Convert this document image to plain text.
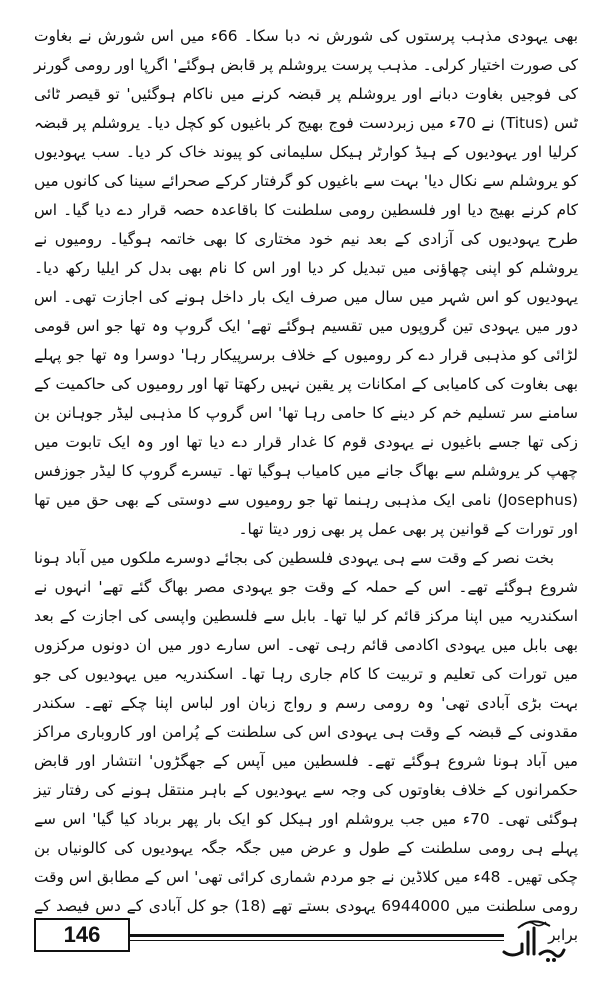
بھی یہودی مذہب پرستوں کی شورش نہ دبا سکا۔ 66ء میں اس شورش نے بغاوت کی صورت اختیار کرلی۔ مذہب پرست یروشلم پر قابض ہوگئے' اگرپا اور رومی گورنر کی فوجیں بغاوت دبانے اور یروشلم پر قبضہ کرنے میں ناکام ہوگئیں' تو قیصر ٹائی ٹس (Titus) نے 70ء میں زبردست فوج بھیج کر باغیوں کو کچل دیا۔ یروشلم پر قبضہ کرلیا اور یہودیوں کے ہیڈ کوارٹر ہیکل سلیمانی کو پیوند خاک کر دیا۔ سب یہودیوں کو یروشلم سے نکال دیا' بہت سے باغیوں کو گرفتار کرکے صحرائے سینا کی کانوں میں کام کرنے بھیج دیا اور فلسطین رومی سلطنت کا باقاعدہ حصہ قرار دے دیا گیا۔ اس طرح یہودیوں کی آزادی کے بعد نیم خود مختاری کا بھی خاتمہ ہوگیا۔ رومیوں نے یروشلم کو اپنی چھاؤنی میں تبدیل کر دیا اور اس کا نام بھی بدل کر ایلیا رکھ دیا۔ یہودیوں کو اس شہر میں سال میں صرف ایک بار داخل ہونے کی اجازت تھی۔ اس دور میں یہودی تین گروپوں میں تقسیم ہوگئے تھے' ایک گروپ وہ تھا جو اس قومی لڑائی کو مذہبی قرار دے کر رومیوں کے خلاف برسرپیکار رہا' دوسرا وہ تھا جو پہلے بھی بغاوت کی کامیابی کے امکانات پر یقین نہیں رکھتا تھا اور رومیوں کی حاکمیت کے سامنے سر تسلیم خم کر دینے کا حامی رہا تھا' اس گروپ کا مذہبی لیڈر جوہانن بن زکی تھا جسے باغیوں نے یہودی قوم کا غدار قرار دے دیا تھا اور وہ ایک تابوت میں چھپ کر یروشلم سے بھاگ جانے میں کامیاب ہوگیا تھا۔ تیسرے گروپ کا لیڈر جوزفس (Josephus) نامی ایک مذہبی رہنما تھا جو رومیوں سے دوستی کے بھی حق میں تھا اور تورات کے قوانین پر بھی عمل پر بھی زور دیتا تھا۔

بخت نصر کے وقت سے ہی یہودی فلسطین کی بجائے دوسرے ملکوں میں آباد ہونا شروع ہوگئے تھے۔ اس کے حملہ کے وقت جو یہودی مصر بھاگ گئے تھے' انہوں نے اسکندریہ میں اپنا مرکز قائم کر لیا تھا۔ بابل سے فلسطین واپسی کی اجازت کے بعد بھی بابل میں یہودی اکادمی قائم رہی تھی۔ اس سارے دور میں ان دونوں مرکزوں میں تورات کی تعلیم و تربیت کا کام جاری رہا تھا۔ اسکندریہ میں یہودیوں کی جو بہت بڑی آبادی تھی' وہ رومی رسم و رواج زبان اور لباس اپنا چکے تھے۔ سکندر مقدونی کے قبضہ کے وقت ہی یہودی اس کی سلطنت کے پُرامن اور کاروباری مراکز میں آباد ہونا شروع ہوگئے تھے۔ فلسطین میں آپس کے جھگڑوں' انتشار اور قابض حکمرانوں کے خلاف بغاوتوں کی وجہ سے یہودیوں کے باہر منتقل ہونے کی رفتار تیز ہوگئی تھی۔ 70ء میں جب یروشلم اور ہیکل کو ایک بار پھر برباد کیا گیا' اس سے پہلے ہی رومی سلطنت کے طول و عرض میں جگہ جگہ یہودیوں کی کالونیاں بن چکی تھیں۔ 48ء میں کلاڈین نے جو مردم شماری کرائی تھی' اس کے مطابق اس وقت رومی سلطنت میں 6944000 یہودی بستے تھے (18) جو کل آبادی کے دس فیصد کے برابر

146
